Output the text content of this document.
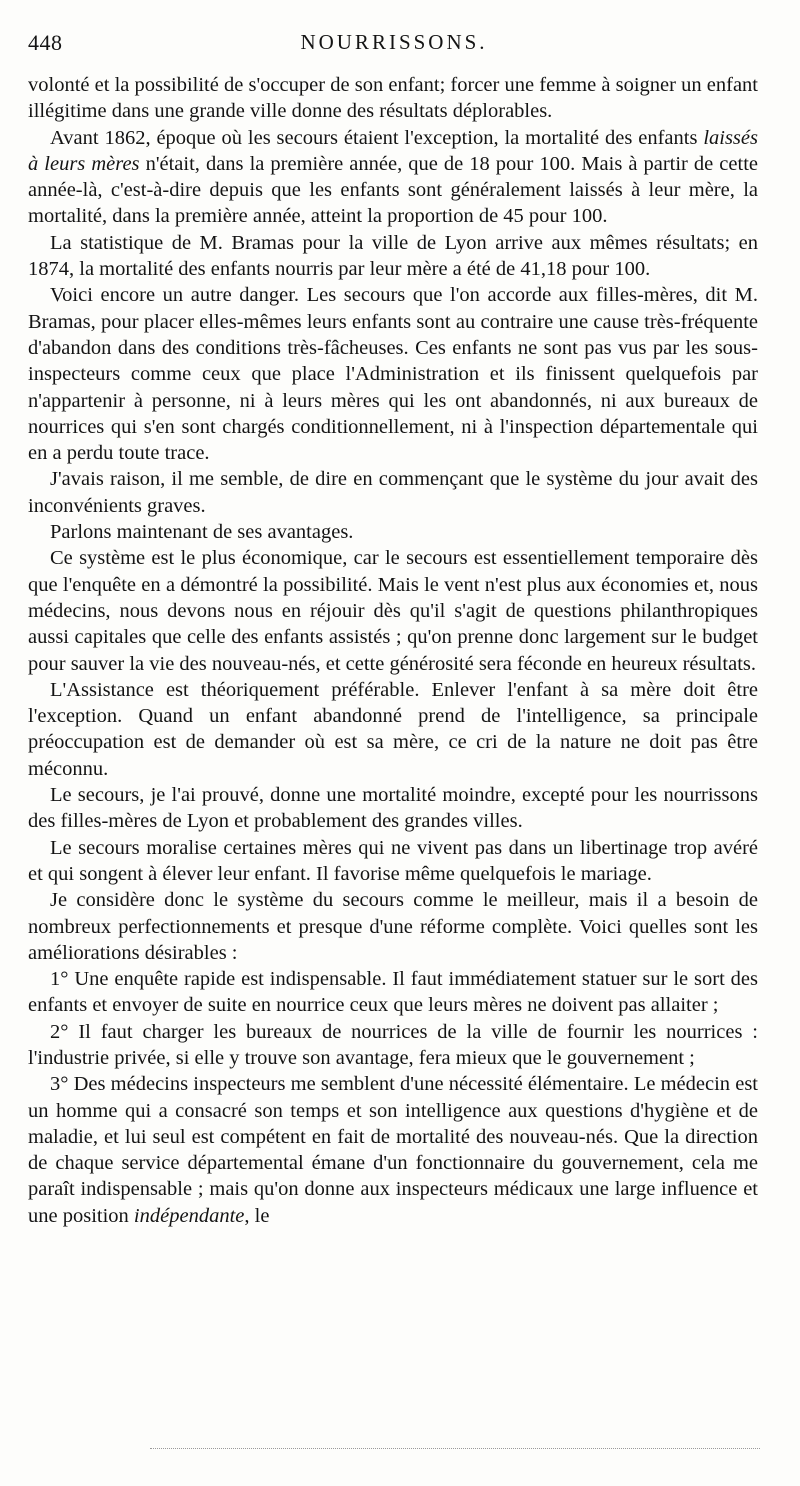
448	NOURRISSONS.

volonté et la possibilité de s'occuper de son enfant; forcer une femme à soigner un enfant illégitime dans une grande ville donne des résultats déplorables.

Avant 1862, époque où les secours étaient l'exception, la mortalité des enfants laissés à leurs mères n'était, dans la première année, que de 18 pour 100. Mais à partir de cette année-là, c'est-à-dire depuis que les enfants sont généralement laissés à leur mère, la mortalité, dans la première année, atteint la proportion de 45 pour 100.

La statistique de M. Bramas pour la ville de Lyon arrive aux mêmes résultats; en 1874, la mortalité des enfants nourris par leur mère a été de 41,18 pour 100.

Voici encore un autre danger. Les secours que l'on accorde aux filles-mères, dit M. Bramas, pour placer elles-mêmes leurs enfants sont au contraire une cause très-fréquente d'abandon dans des conditions très-fâcheuses. Ces enfants ne sont pas vus par les sous-inspecteurs comme ceux que place l'Administration et ils finissent quelquefois par n'appartenir à personne, ni à leurs mères qui les ont abandonnés, ni aux bureaux de nourrices qui s'en sont chargés conditionnellement, ni à l'inspection départementale qui en a perdu toute trace.

J'avais raison, il me semble, de dire en commençant que le système du jour avait des inconvénients graves.

Parlons maintenant de ses avantages.

Ce système est le plus économique, car le secours est essentiellement temporaire dès que l'enquête en a démontré la possibilité. Mais le vent n'est plus aux économies et, nous médecins, nous devons nous en réjouir dès qu'il s'agit de questions philanthropiques aussi capitales que celle des enfants assistés ; qu'on prenne donc largement sur le budget pour sauver la vie des nouveau-nés, et cette générosité sera féconde en heureux résultats.

L'Assistance est théoriquement préférable. Enlever l'enfant à sa mère doit être l'exception. Quand un enfant abandonné prend de l'intelligence, sa principale préoccupation est de demander où est sa mère, ce cri de la nature ne doit pas être méconnu.

Le secours, je l'ai prouvé, donne une mortalité moindre, excepté pour les nourrissons des filles-mères de Lyon et probablement des grandes villes.

Le secours moralise certaines mères qui ne vivent pas dans un libertinage trop avéré et qui songent à élever leur enfant. Il favorise même quelquefois le mariage.

Je considère donc le système du secours comme le meilleur, mais il a besoin de nombreux perfectionnements et presque d'une réforme complète. Voici quelles sont les améliorations désirables :

1° Une enquête rapide est indispensable. Il faut immédiatement statuer sur le sort des enfants et envoyer de suite en nourrice ceux que leurs mères ne doivent pas allaiter ;

2° Il faut charger les bureaux de nourrices de la ville de fournir les nourrices : l'industrie privée, si elle y trouve son avantage, fera mieux que le gouvernement ;

3° Des médecins inspecteurs me semblent d'une nécessité élémentaire. Le médecin est un homme qui a consacré son temps et son intelligence aux questions d'hygiène et de maladie, et lui seul est compétent en fait de mortalité des nouveau-nés. Que la direction de chaque service départemental émane d'un fonctionnaire du gouvernement, cela me paraît indispensable ; mais qu'on donne aux inspecteurs médicaux une large influence et une position indépendante, le
